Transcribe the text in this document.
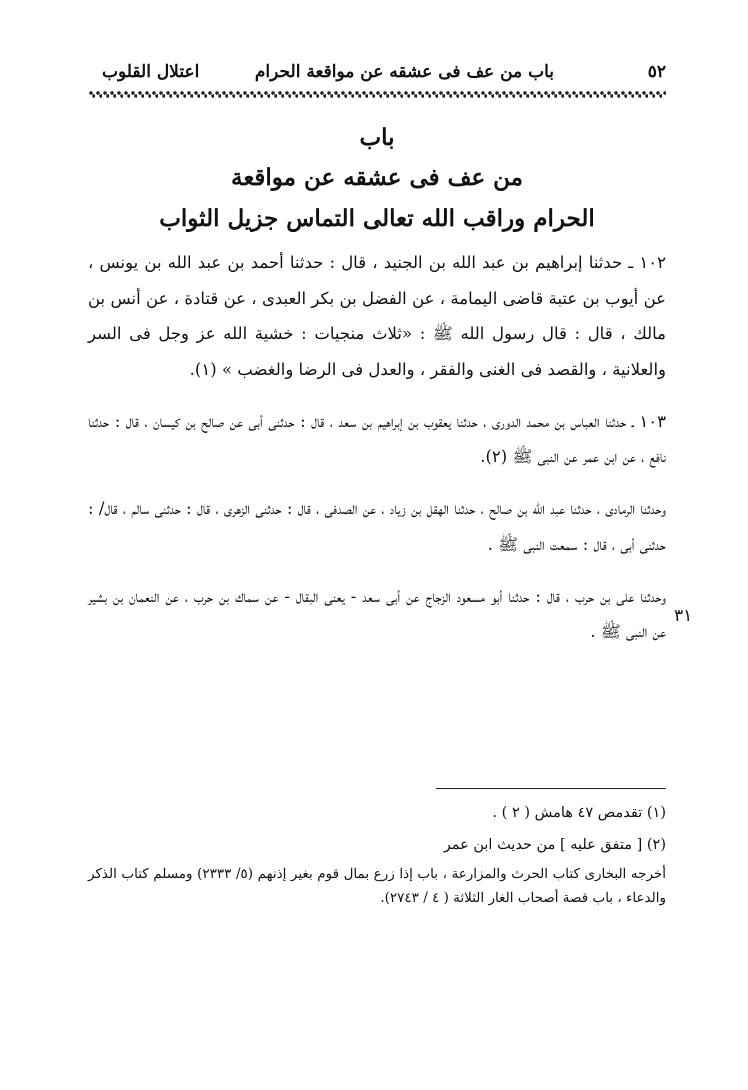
٥٢
باب من عف فى عشقه عن مواقعة الحرام
اعتلال القلوب
باب
من عف فى عشقه عن مواقعة
الحرام وراقب الله تعالى التماس جزيل الثواب

١٠٢ ـ حدثنا إبراهيم بن عبد الله بن الجنيد ، قال : حدثنا أحمد بن عبد الله بن يونس ، عن أيوب بن عتبة قاضى اليمامة ، عن الفضل بن بكر العبدى ، عن قتادة ، عن أنس بن مالك ، قال : قال رسول الله ﷺ : «ثلاث منجيات : خشية الله عز وجل فى السر والعلانية ، والقصد فى الغنى والفقر ، والعدل فى الرضا والغضب » (١).

١٠٣ ـ حدثنا العباس بن محمد الدورى ، حدثنا يعقوب بن إبراهيم بن سعد ، قال : حدثنى أبى عن صالح بن كيسان ، قال : حدثنا نافع ، عن ابن عمر عن النبى ﷺ (٢).

وحدثنا الرمادى ، حدثنا عبد الله بن صالح ، حدثنا الهقل بن زياد ، عن الصدفى ، قال : حدثنى الزهرى ، قال : حدثنى سالم ، قال/ : حدثنى أبى ، قال : سمعت النبى ﷺ .

وحدثنا على بن حرب ، قال : حدثنا أبو مسعود الزجاج عن أبى سعد - يعنى البقال - عن سماك بن حرب ، عن النعمان بن بشير عن النبى ﷺ .

٣١

(١) تقدمص ٤٧ هامش ( ٢ ) .

(٢) [ متفق عليه ] من حديث ابن عمر

أخرجه البخارى كتاب الحرث والمزارعة ، باب إذا زرع بمال قوم بغير إذنهم (٥/ ٢٣٣٣) ومسلم كتاب الذكر والدعاء ، باب قصة أصحاب الغار الثلاثة ( ٤ / ٢٧٤٣).
